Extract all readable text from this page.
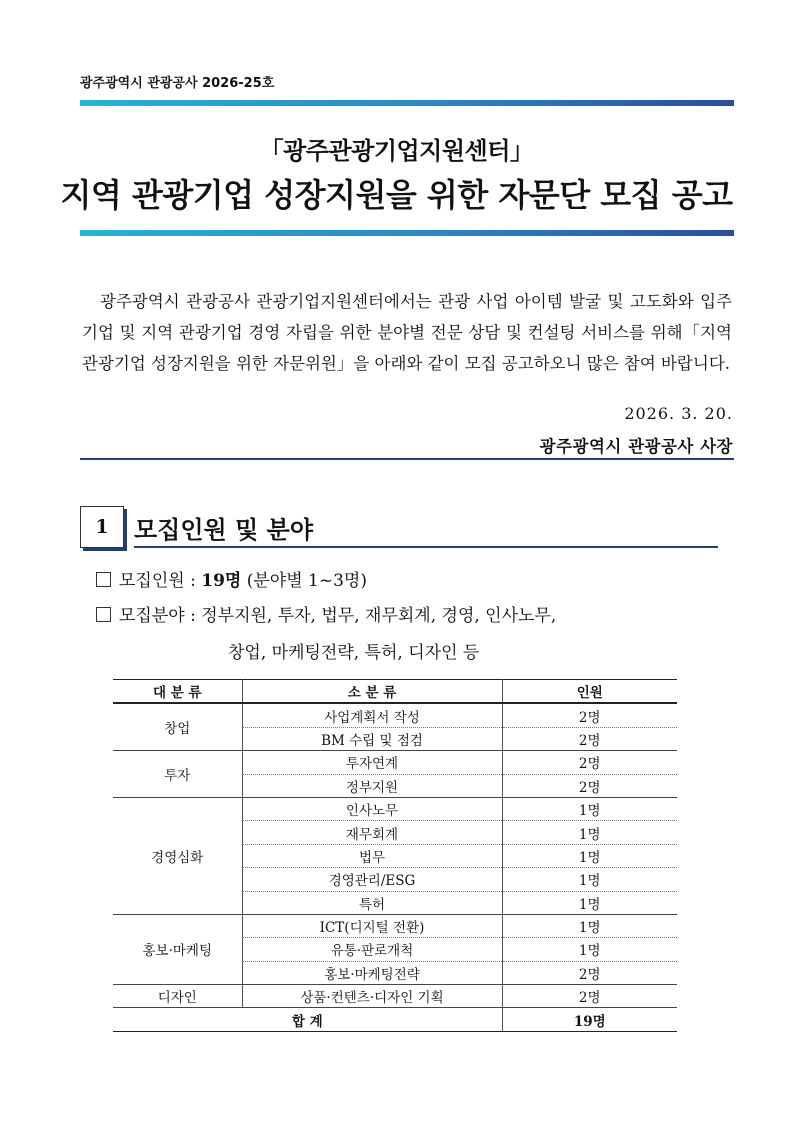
광주광역시 관광공사 2026-25호
「광주관광기업지원센터」
지역 관광기업 성장지원을 위한 자문단 모집 공고

광주광역시 관광공사 관광기업지원센터에서는 관광 사업 아이템 발굴 및 고도화와 입주기업 및 지역 관광기업 경영 자립을 위한 분야별 전문 상담 및 컨설팅 서비스를 위해「지역 관광기업 성장지원을 위한 자문위원」을 아래와 같이 모집 공고하오니 많은 참여 바랍니다.

2026. 3. 20.
광주광역시 관광공사 사장
1	모집인원 및 분야
모집인원 : 19명 (분야별 1~3명)
모집분야 : 정부지원, 투자, 법무, 재무회계, 경영, 인사노무,
창업, 마케팅전략, 특허, 디자인 등
대 분 류	소 분 류	인원
창업	사업계획서 작성	2명
	BM 수립 및 점검	2명
투자	투자연계	2명
	정부지원	2명
경영심화	인사노무	1명
	재무회계	1명
	법무	1명
	경영관리/ESG	1명
	특허	1명
홍보·마케팅	ICT(디지털 전환)	1명
	유통·판로개척	1명
	홍보·마케팅전략	2명
디자인	상품·컨텐츠·디자인 기획	2명
합 계		19명
